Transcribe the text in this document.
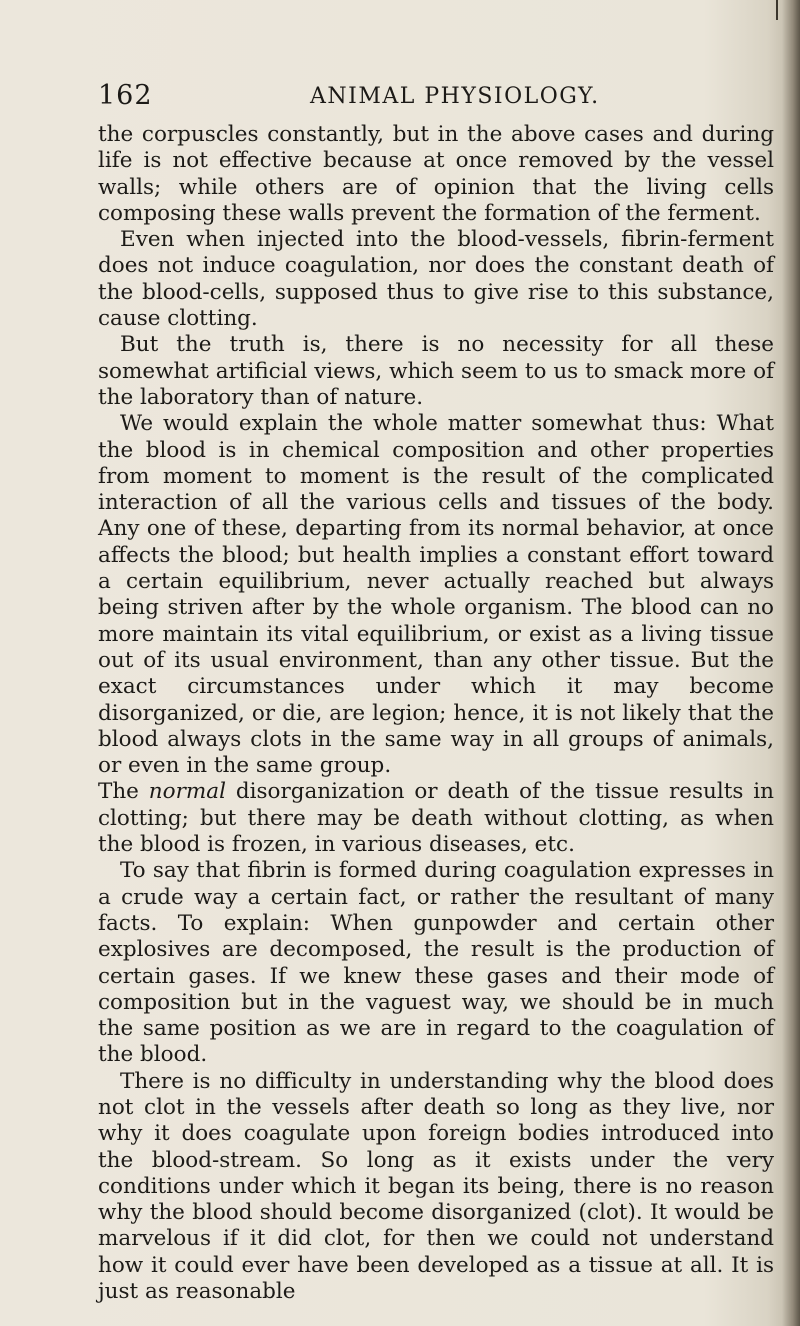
162	ANIMAL PHYSIOLOGY.

the corpuscles constantly, but in the above cases and during life is not effective because at once removed by the vessel walls; while others are of opinion that the living cells composing these walls prevent the formation of the ferment.

Even when injected into the blood-vessels, fibrin-ferment does not induce coagulation, nor does the constant death of the blood-cells, supposed thus to give rise to this substance, cause clotting.

But the truth is, there is no necessity for all these somewhat artificial views, which seem to us to smack more of the laboratory than of nature.

We would explain the whole matter somewhat thus: What the blood is in chemical composition and other properties from moment to moment is the result of the complicated interaction of all the various cells and tissues of the body. Any one of these, departing from its normal behavior, at once affects the blood; but health implies a constant effort toward a certain equilibrium, never actually reached but always being striven after by the whole organism. The blood can no more maintain its vital equilibrium, or exist as a living tissue out of its usual environment, than any other tissue. But the exact circumstances under which it may become disorganized, or die, are legion; hence, it is not likely that the blood always clots in the same way in all groups of animals, or even in the same group.

The normal disorganization or death of the tissue results in clotting; but there may be death without clotting, as when the blood is frozen, in various diseases, etc.

To say that fibrin is formed during coagulation expresses in a crude way a certain fact, or rather the resultant of many facts. To explain: When gunpowder and certain other explosives are decomposed, the result is the production of certain gases. If we knew these gases and their mode of composition but in the vaguest way, we should be in much the same position as we are in regard to the coagulation of the blood.

There is no difficulty in understanding why the blood does not clot in the vessels after death so long as they live, nor why it does coagulate upon foreign bodies introduced into the blood-stream. So long as it exists under the very conditions under which it began its being, there is no reason why the blood should become disorganized (clot). It would be marvelous if it did clot, for then we could not understand how it could ever have been developed as a tissue at all. It is just as reasonable
